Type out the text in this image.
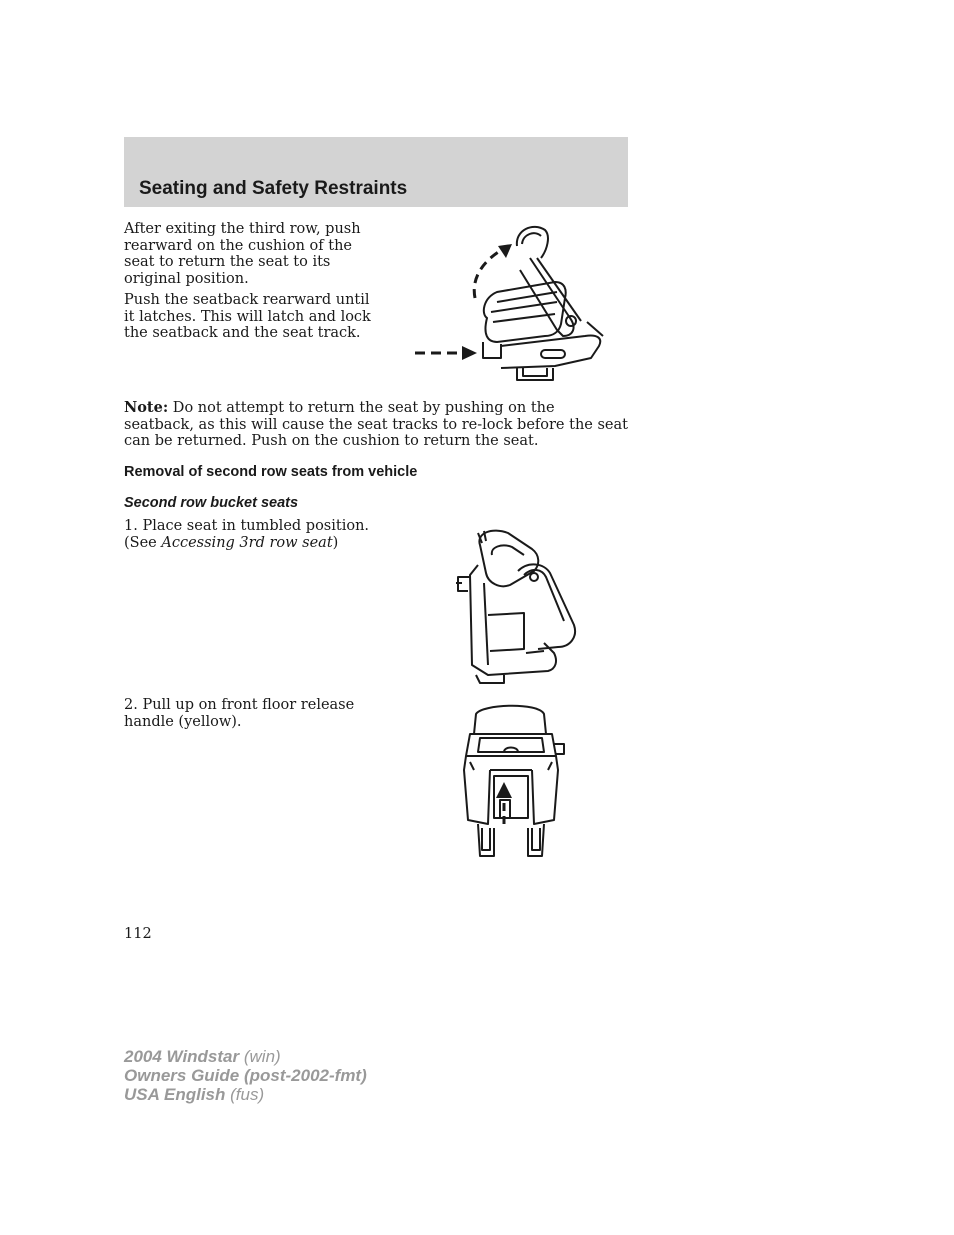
Seating and Safety Restraints

After exiting the third row, push rearward on the cushion of the seat to return the seat to its original position.

Push the seatback rearward until it latches. This will latch and lock the seatback and the seat track.

Note: Do not attempt to return the seat by pushing on the seatback, as this will cause the seat tracks to re-lock before the seat can be returned. Push on the cushion to return the seat.

Removal of second row seats from vehicle

Second row bucket seats

1. Place seat in tumbled position. (See Accessing 3rd row seat)

2. Pull up on front floor release handle (yellow).

112
2004 Windstar (win)
Owners Guide (post-2002-fmt)
USA English (fus)
